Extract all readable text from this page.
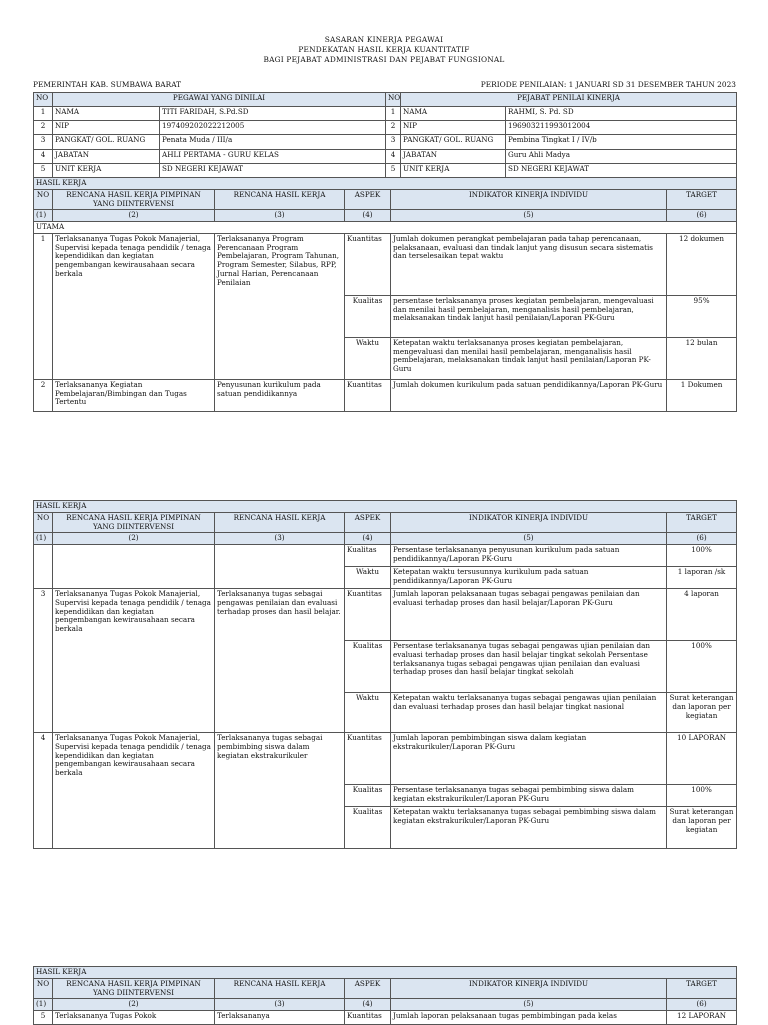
SASARAN KINERJA PEGAWAI
PENDEKATAN HASIL KERJA KUANTITATIF
BAGI PEJABAT ADMINISTRASI DAN PEJABAT FUNGSIONAL
PEMERINTAH KAB. SUMBAWA BARAT	PERIODE PENILAIAN: 1 JANUARI SD 31 DESEMBER TAHUN 2023
NO	PEGAWAI YANG DINILAI		NO	PEJABAT PENILAI KINERJA	
1	NAMA	TITI FARIDAH, S.Pd.SD	1	NAMA	RAHMI, S. Pd. SD
2	NIP	197409202022212005	2	NIP	196903211993012004
3	PANGKAT/ GOL. RUANG	Penata Muda / III/a	3	PANGKAT/ GOL. RUANG	Pembina Tingkat I / IV/b
4	JABATAN	AHLI PERTAMA - GURU KELAS	4	JABATAN	Guru Ahli Madya
5	UNIT KERJA	SD NEGERI KEJAWAT	5	UNIT KERJA	SD NEGERI KEJAWAT
HASIL KERJA					
NO	RENCANA HASIL KERJA PIMPINAN YANG DIINTERVENSI	RENCANA HASIL KERJA	ASPEK	INDIKATOR KINERJA INDIVIDU	TARGET
(1)	(2)	(3)	(4)	(5)	(6)
UTAMA					
1	Terlaksananya Tugas Pokok Manajerial, Supervisi kepada tenaga pendidik / tenaga kependidikan dan kegiatan pengembangan kewirausahaan secara berkala	Terlaksananya Program Perencanaan Program Pembelajaran, Program Tahunan, Program Semester, Silabus, RPP, Jurnal Harian, Perencanaan Penilaian	Kuantitas	Jumlah dokumen perangkat pembelajaran pada tahap perencanaan, pelaksanaan, evaluasi dan tindak lanjut yang disusun secara sistematis dan terselesaikan tepat waktu	12 dokumen
			Kualitas	persentase terlaksananya proses kegiatan pembelajaran, mengevaluasi dan menilai hasil pembelajaran, menganalisis hasil pembelajaran, melaksanakan tindak lanjut hasil penilaian/Laporan PK-Guru	95%
			Waktu	Ketepatan waktu terlaksananya proses kegiatan pembelajaran, mengevaluasi dan menilai hasil pembelajaran, menganalisis hasil pembelajaran, melaksanakan tindak lanjut hasil penilaian/Laporan PK-Guru	12 bulan
2	Terlaksananya Kegiatan Pembelajaran/Bimbingan dan Tugas Tertentu	Penyusunan kurikulum pada satuan pendidikannya	Kuantitas	Jumlah dokumen kurikulum pada satuan pendidikannya/Laporan PK-Guru	1 Dokumen
HASIL KERJA					
NO	RENCANA HASIL KERJA PIMPINAN YANG DIINTERVENSI	RENCANA HASIL KERJA	ASPEK	INDIKATOR KINERJA INDIVIDU	TARGET
(1)	(2)	(3)	(4)	(5)	(6)
			Kualitas	Persentase terlaksananya penyusunan kurikulum pada satuan pendidikannya/Laporan PK-Guru	100%
			Waktu	Ketepatan waktu tersusunnya kurikulum pada satuan pendidikannya/Laporan PK-Guru	1 laporan /sk
3	Terlaksananya Tugas Pokok Manajerial, Supervisi kepada tenaga pendidik / tenaga kependidikan dan kegiatan pengembangan kewirausahaan secara berkala	Terlaksananya tugas sebagai pengawas penilaian dan evaluasi terhadap proses dan hasil belajar.	Kuantitas	Jumlah laporan pelaksanaan tugas sebagai pengawas penilaian dan evaluasi terhadap proses dan hasil belajar/Laporan PK-Guru	4 laporan
			Kualitas	Persentase terlaksananya tugas sebagai pengawas ujian penilaian dan evaluasi terhadap proses dan hasil belajar tingkat sekolah Persentase terlaksananya tugas sebagai pengawas ujian penilaian dan evaluasi terhadap proses dan hasil belajar tingkat sekolah	100%
			Waktu	Ketepatan waktu terlaksananya tugas sebagai pengawas ujian penilaian dan evaluasi terhadap proses dan hasil belajar tingkat nasional	Surat keterangan dan laporan per kegiatan
4	Terlaksananya Tugas Pokok Manajerial, Supervisi kepada tenaga pendidik / tenaga kependidikan dan kegiatan pengembangan kewirausahaan secara berkala	Terlaksananya tugas sebagai pembimbing siswa dalam kegiatan ekstrakurikuler	Kuantitas	Jumlah laporan pembimbingan siswa dalam kegiatan ekstrakurikuler/Laporan PK-Guru	10 LAPORAN
			Kualitas	Persentase terlaksananya tugas sebagai pembimbing siswa dalam kegiatan ekstrakurikuler/Laporan PK-Guru	100%
			Kualitas	Ketepatan waktu terlaksananya tugas sebagai pembimbing siswa dalam kegiatan ekstrakurikuler/Laporan PK-Guru	Surat keterangan dan laporan per kegiatan
HASIL KERJA					
NO	RENCANA HASIL KERJA PIMPINAN YANG DIINTERVENSI	RENCANA HASIL KERJA	ASPEK	INDIKATOR KINERJA INDIVIDU	TARGET
(1)	(2)	(3)	(4)	(5)	(6)
5	Terlaksananya Tugas Pokok	Terlaksananya	Kuantitas	Jumlah laporan pelaksanaan tugas pembimbingan pada kelas	12 LAPORAN
